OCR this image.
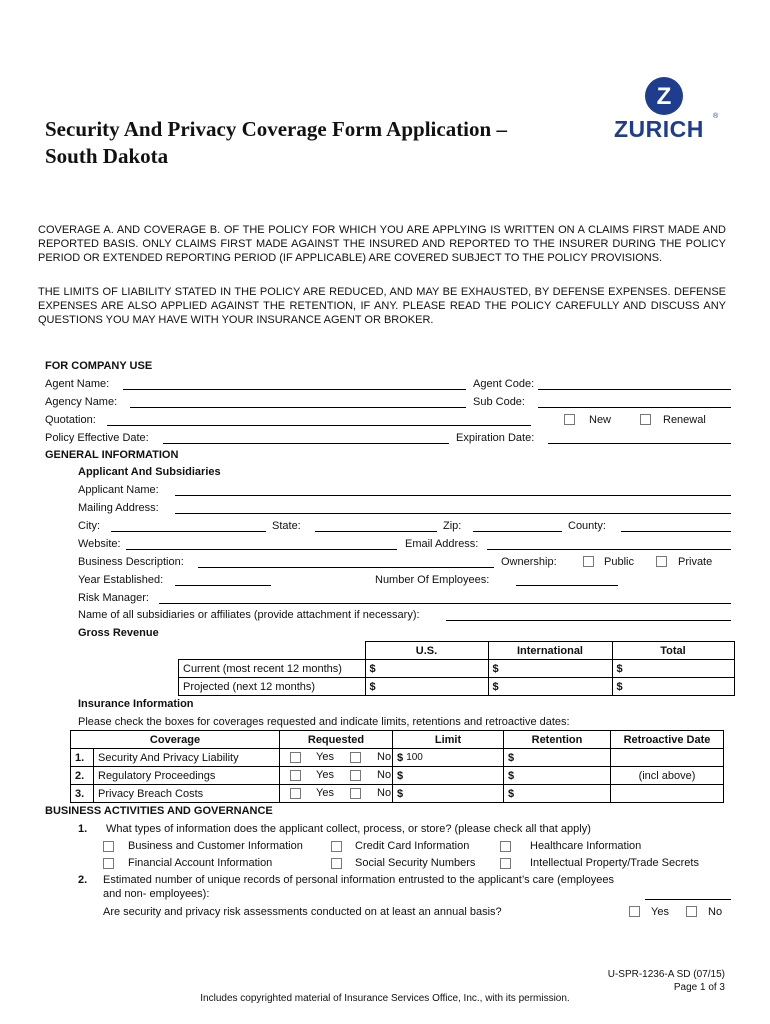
Security And Privacy Coverage Form Application –
South Dakota
Z
ZURICH ®
COVERAGE A. AND COVERAGE B. OF THE POLICY FOR WHICH YOU ARE APPLYING IS WRITTEN ON A CLAIMS FIRST MADE AND REPORTED BASIS. ONLY CLAIMS FIRST MADE AGAINST THE INSURED AND REPORTED TO THE INSURER DURING THE POLICY PERIOD OR EXTENDED REPORTING PERIOD (IF APPLICABLE) ARE COVERED SUBJECT TO THE POLICY PROVISIONS.
THE LIMITS OF LIABILITY STATED IN THE POLICY ARE REDUCED, AND MAY BE EXHAUSTED, BY DEFENSE EXPENSES. DEFENSE EXPENSES ARE ALSO APPLIED AGAINST THE RETENTION, IF ANY. PLEASE READ THE POLICY CAREFULLY AND DISCUSS ANY QUESTIONS YOU MAY HAVE WITH YOUR INSURANCE AGENT OR BROKER.
FOR COMPANY USE
Agent Name:	Agent Code:
Agency Name:	Sub Code:
Quotation:	New	Renewal
Policy Effective Date:	Expiration Date:
GENERAL INFORMATION
Applicant And Subsidiaries
Applicant Name:
Mailing Address:
City:	State:	Zip:	County:
Website:	Email Address:
Business Description:	Ownership:	Public	Private
Year Established:	Number Of Employees:
Risk Manager:
Name of all subsidiaries or affiliates (provide attachment if necessary):
Gross Revenue
	U.S.	International	Total
Current (most recent 12 months)	$	$	$
Projected (next 12 months)	$	$	$
Insurance Information
Please check the boxes for coverages requested and indicate limits, retentions and retroactive dates:
Coverage		Requested	Limit	Retention	Retroactive Date
1.	Security And Privacy Liability	Yes No	$ 100	$	
2.	Regulatory Proceedings	Yes No	$	$	(incl above)
3.	Privacy Breach Costs	Yes No	$	$	
BUSINESS ACTIVITIES AND GOVERNANCE
1. What types of information does the applicant collect, process, or store? (please check all that apply)
Business and Customer Information	Credit Card Information	Healthcare Information
Financial Account Information	Social Security Numbers	Intellectual Property/Trade Secrets
2. Estimated number of unique records of personal information entrusted to the applicant’s care (employees
and non- employees):
Are security and privacy risk assessments conducted on at least an annual basis?	Yes	No
U-SPR-1236-A SD (07/15)
Page 1 of 3
Includes copyrighted material of Insurance Services Office, Inc., with its permission.
